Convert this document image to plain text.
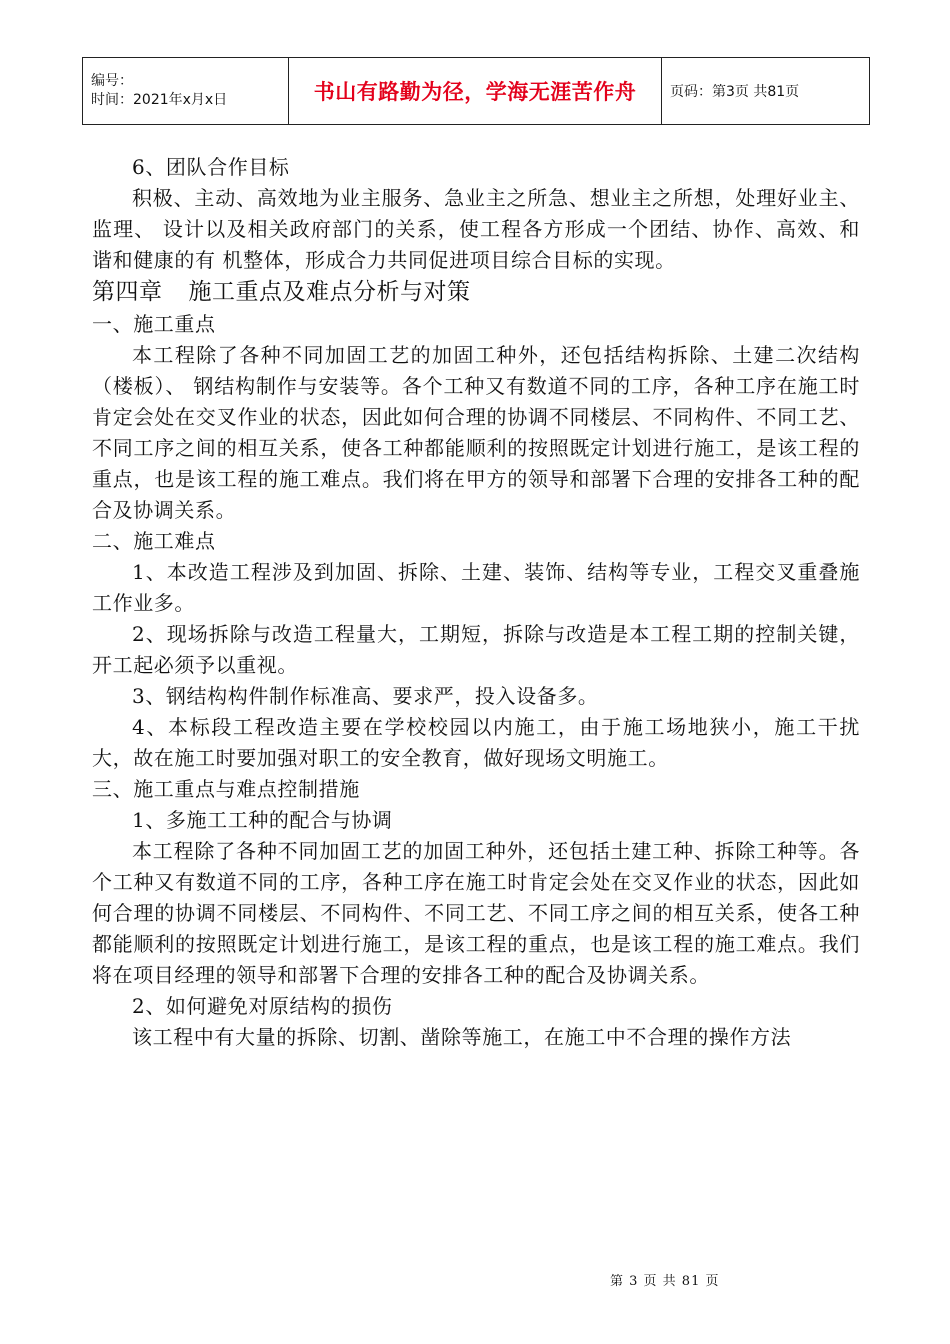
编号：
时间：2021年x月x日	书山有路勤为径，学海无涯苦作舟	页码：第3页 共81页

6、团队合作目标

积极、主动、高效地为业主服务、急业主之所急、想业主之所想，处理好业主、监理、 设计以及相关政府部门的关系，使工程各方形成一个团结、协作、高效、和谐和健康的有 机整体，形成合力共同促进项目综合目标的实现。

第四章 施工重点及难点分析与对策

一、施工重点

本工程除了各种不同加固工艺的加固工种外，还包括结构拆除、土建二次结构（楼板）、 钢结构制作与安装等。各个工种又有数道不同的工序，各种工序在施工时肯定会处在交叉作业的状态，因此如何合理的协调不同楼层、不同构件、不同工艺、不同工序之间的相互关系，使各工种都能顺利的按照既定计划进行施工，是该工程的重点，也是该工程的施工难点。我们将在甲方的领导和部署下合理的安排各工种的配合及协调关系。

二、施工难点

1、本改造工程涉及到加固、拆除、土建、装饰、结构等专业，工程交叉重叠施工作业多。

2、现场拆除与改造工程量大，工期短，拆除与改造是本工程工期的控制关键，开工起必须予以重视。

3、钢结构构件制作标准高、要求严，投入设备多。

4、本标段工程改造主要在学校校园以内施工，由于施工场地狭小，施工干扰大，故在施工时要加强对职工的安全教育，做好现场文明施工。

三、施工重点与难点控制措施

1、多施工工种的配合与协调

本工程除了各种不同加固工艺的加固工种外，还包括土建工种、拆除工种等。各个工种又有数道不同的工序，各种工序在施工时肯定会处在交叉作业的状态，因此如何合理的协调不同楼层、不同构件、不同工艺、不同工序之间的相互关系，使各工种都能顺利的按照既定计划进行施工，是该工程的重点，也是该工程的施工难点。我们将在项目经理的领导和部署下合理的安排各工种的配合及协调关系。

2、如何避免对原结构的损伤

该工程中有大量的拆除、切割、凿除等施工，在施工中不合理的操作方法

第 3 页 共 81 页
